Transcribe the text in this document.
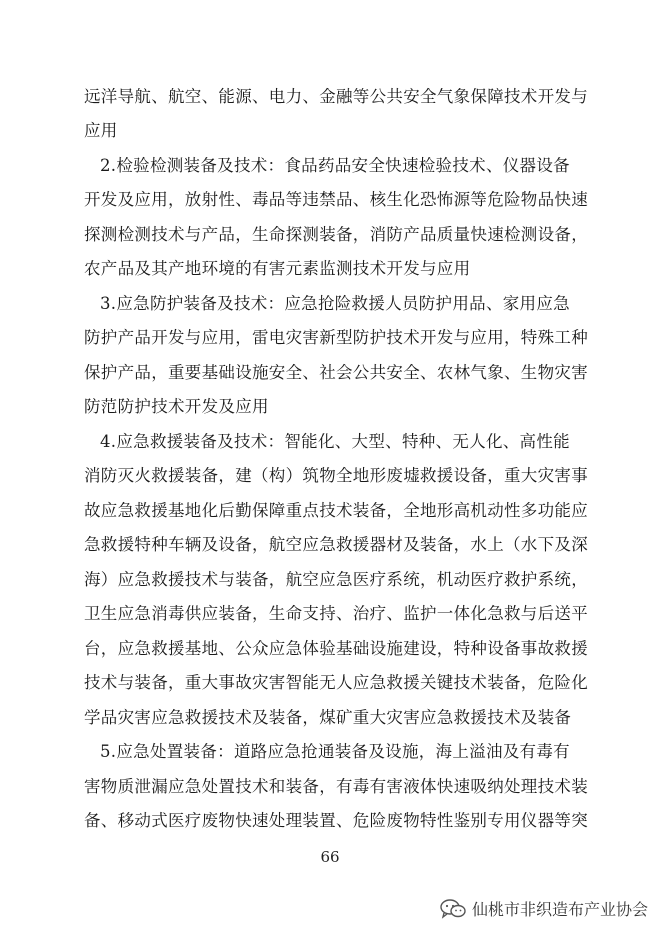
远洋导航、航空、能源、电力、金融等公共安全气象保障技术开发与
应用
2.检验检测装备及技术：食品药品安全快速检验技术、仪器设备
开发及应用，放射性、毒品等违禁品、核生化恐怖源等危险物品快速
探测检测技术与产品，生命探测装备，消防产品质量快速检测设备，
农产品及其产地环境的有害元素监测技术开发与应用
3.应急防护装备及技术：应急抢险救援人员防护用品、家用应急
防护产品开发与应用，雷电灾害新型防护技术开发与应用，特殊工种
保护产品，重要基础设施安全、社会公共安全、农林气象、生物灾害
防范防护技术开发及应用
4.应急救援装备及技术：智能化、大型、特种、无人化、高性能
消防灭火救援装备，建（构）筑物全地形废墟救援设备，重大灾害事
故应急救援基地化后勤保障重点技术装备，全地形高机动性多功能应
急救援特种车辆及设备，航空应急救援器材及装备，水上（水下及深
海）应急救援技术与装备，航空应急医疗系统，机动医疗救护系统，
卫生应急消毒供应装备，生命支持、治疗、监护一体化急救与后送平
台，应急救援基地、公众应急体验基础设施建设，特种设备事故救援
技术与装备，重大事故灾害智能无人应急救援关键技术装备，危险化
学品灾害应急救援技术及装备，煤矿重大灾害应急救援技术及装备
5.应急处置装备：道路应急抢通装备及设施，海上溢油及有毒有
害物质泄漏应急处置技术和装备，有毒有害液体快速吸纳处理技术装
备、移动式医疗废物快速处理装置、危险废物特性鉴别专用仪器等突
66
仙桃市非织造布产业协会
